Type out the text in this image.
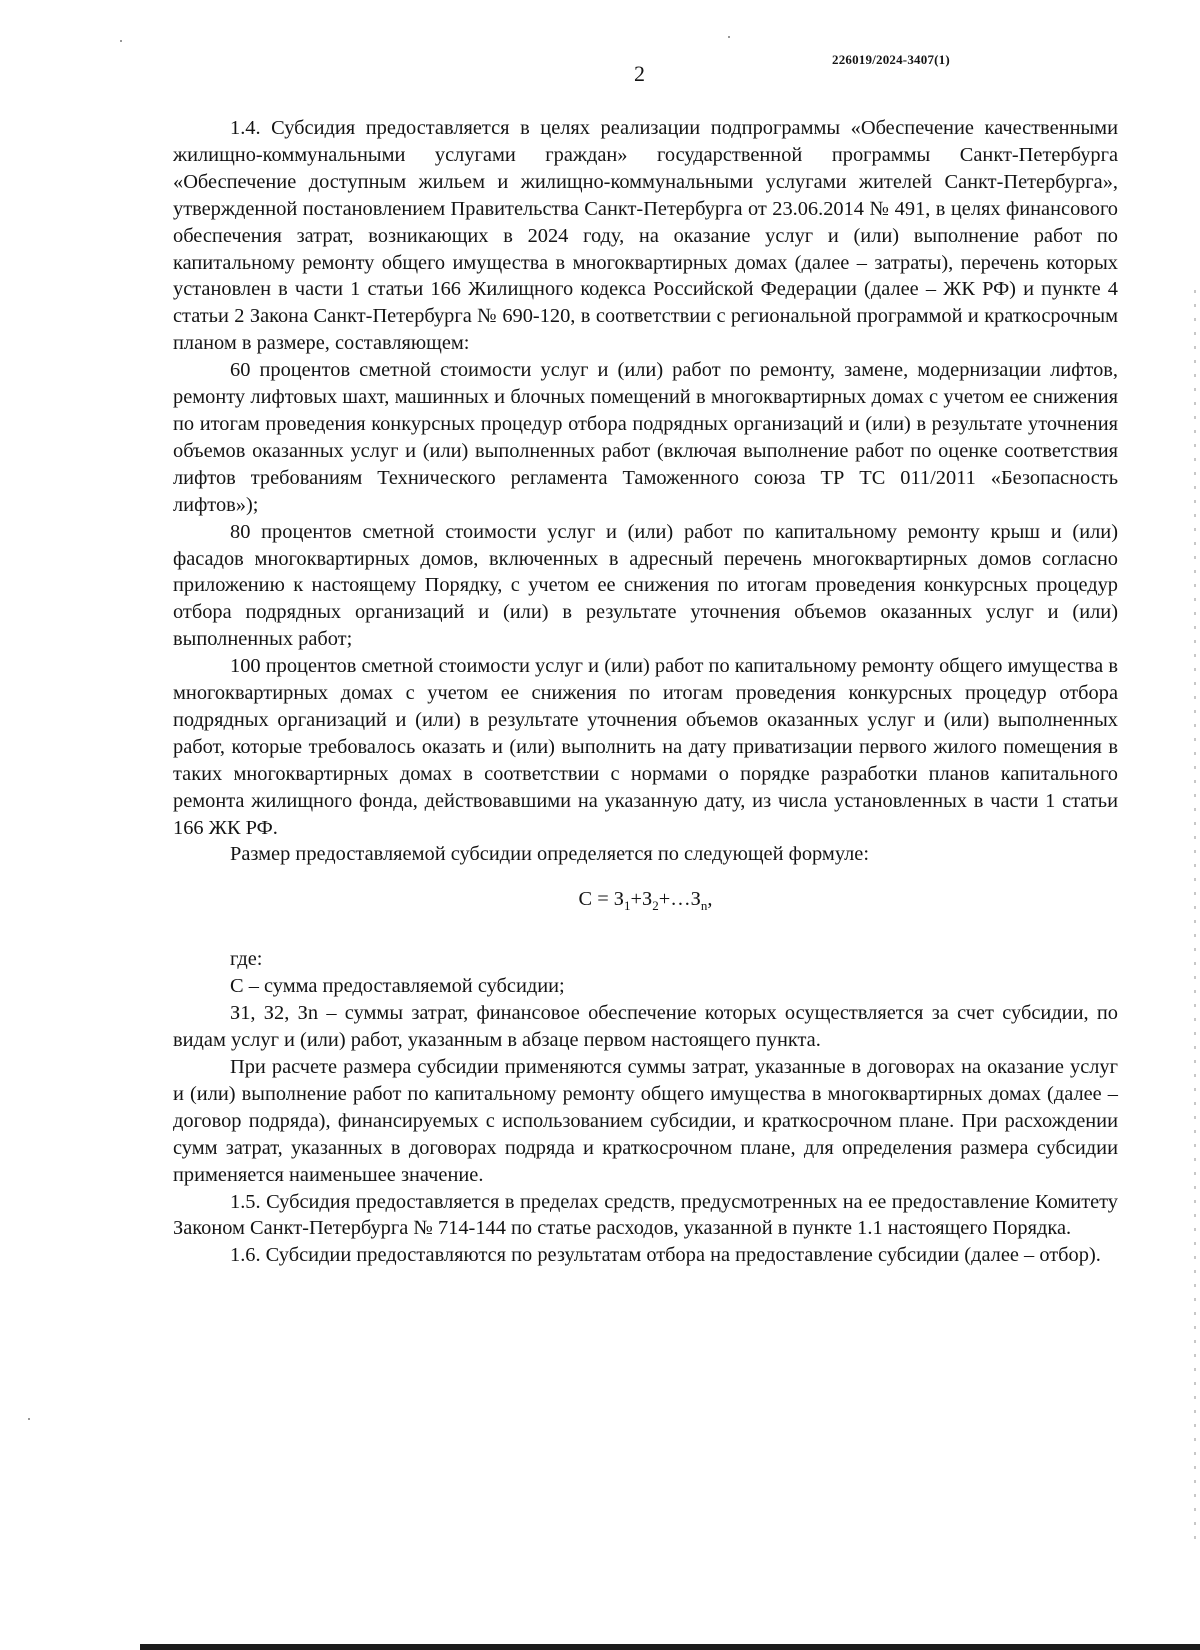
226019/2024-3407(1)
2

1.4. Субсидия предоставляется в целях реализации подпрограммы «Обеспечение качественными жилищно-коммунальными услугами граждан» государственной программы Санкт-Петербурга «Обеспечение доступным жильем и жилищно-коммунальными услугами жителей Санкт-Петербурга», утвержденной постановлением Правительства Санкт-Петербурга от 23.06.2014 № 491, в целях финансового обеспечения затрат, возникающих в 2024 году, на оказание услуг и (или) выполнение работ по капитальному ремонту общего имущества в многоквартирных домах (далее – затраты), перечень которых установлен в части 1 статьи 166 Жилищного кодекса Российской Федерации (далее – ЖК РФ) и пункте 4 статьи 2 Закона Санкт-Петербурга № 690-120, в соответствии с региональной программой и краткосрочным планом в размере, составляющем:

60 процентов сметной стоимости услуг и (или) работ по ремонту, замене, модернизации лифтов, ремонту лифтовых шахт, машинных и блочных помещений в многоквартирных домах с учетом ее снижения по итогам проведения конкурсных процедур отбора подрядных организаций и (или) в результате уточнения объемов оказанных услуг и (или) выполненных работ (включая выполнение работ по оценке соответствия лифтов требованиям Технического регламента Таможенного союза ТР ТС 011/2011 «Безопасность лифтов»);

80 процентов сметной стоимости услуг и (или) работ по капитальному ремонту крыш и (или) фасадов многоквартирных домов, включенных в адресный перечень многоквартирных домов согласно приложению к настоящему Порядку, с учетом ее снижения по итогам проведения конкурсных процедур отбора подрядных организаций и (или) в результате уточнения объемов оказанных услуг и (или) выполненных работ;

100 процентов сметной стоимости услуг и (или) работ по капитальному ремонту общего имущества в многоквартирных домах с учетом ее снижения по итогам проведения конкурсных процедур отбора подрядных организаций и (или) в результате уточнения объемов оказанных услуг и (или) выполненных работ, которые требовалось оказать и (или) выполнить на дату приватизации первого жилого помещения в таких многоквартирных домах в соответствии с нормами о порядке разработки планов капитального ремонта жилищного фонда, действовавшими на указанную дату, из числа установленных в части 1 статьи 166 ЖК РФ.

Размер предоставляемой субсидии определяется по следующей формуле:

$С = З_1+З_2+\dots З_n$,

где:

С – сумма предоставляемой субсидии;

З1, З2, Зn – суммы затрат, финансовое обеспечение которых осуществляется за счет субсидии, по видам услуг и (или) работ, указанным в абзаце первом настоящего пункта.

При расчете размера субсидии применяются суммы затрат, указанные в договорах на оказание услуг и (или) выполнение работ по капитальному ремонту общего имущества в многоквартирных домах (далее – договор подряда), финансируемых с использованием субсидии, и краткосрочном плане. При расхождении сумм затрат, указанных в договорах подряда и краткосрочном плане, для определения размера субсидии применяется наименьшее значение.

1.5. Субсидия предоставляется в пределах средств, предусмотренных на ее предоставление Комитету Законом Санкт-Петербурга № 714-144 по статье расходов, указанной в пункте 1.1 настоящего Порядка.

1.6. Субсидии предоставляются по результатам отбора на предоставление субсидии (далее – отбор).
